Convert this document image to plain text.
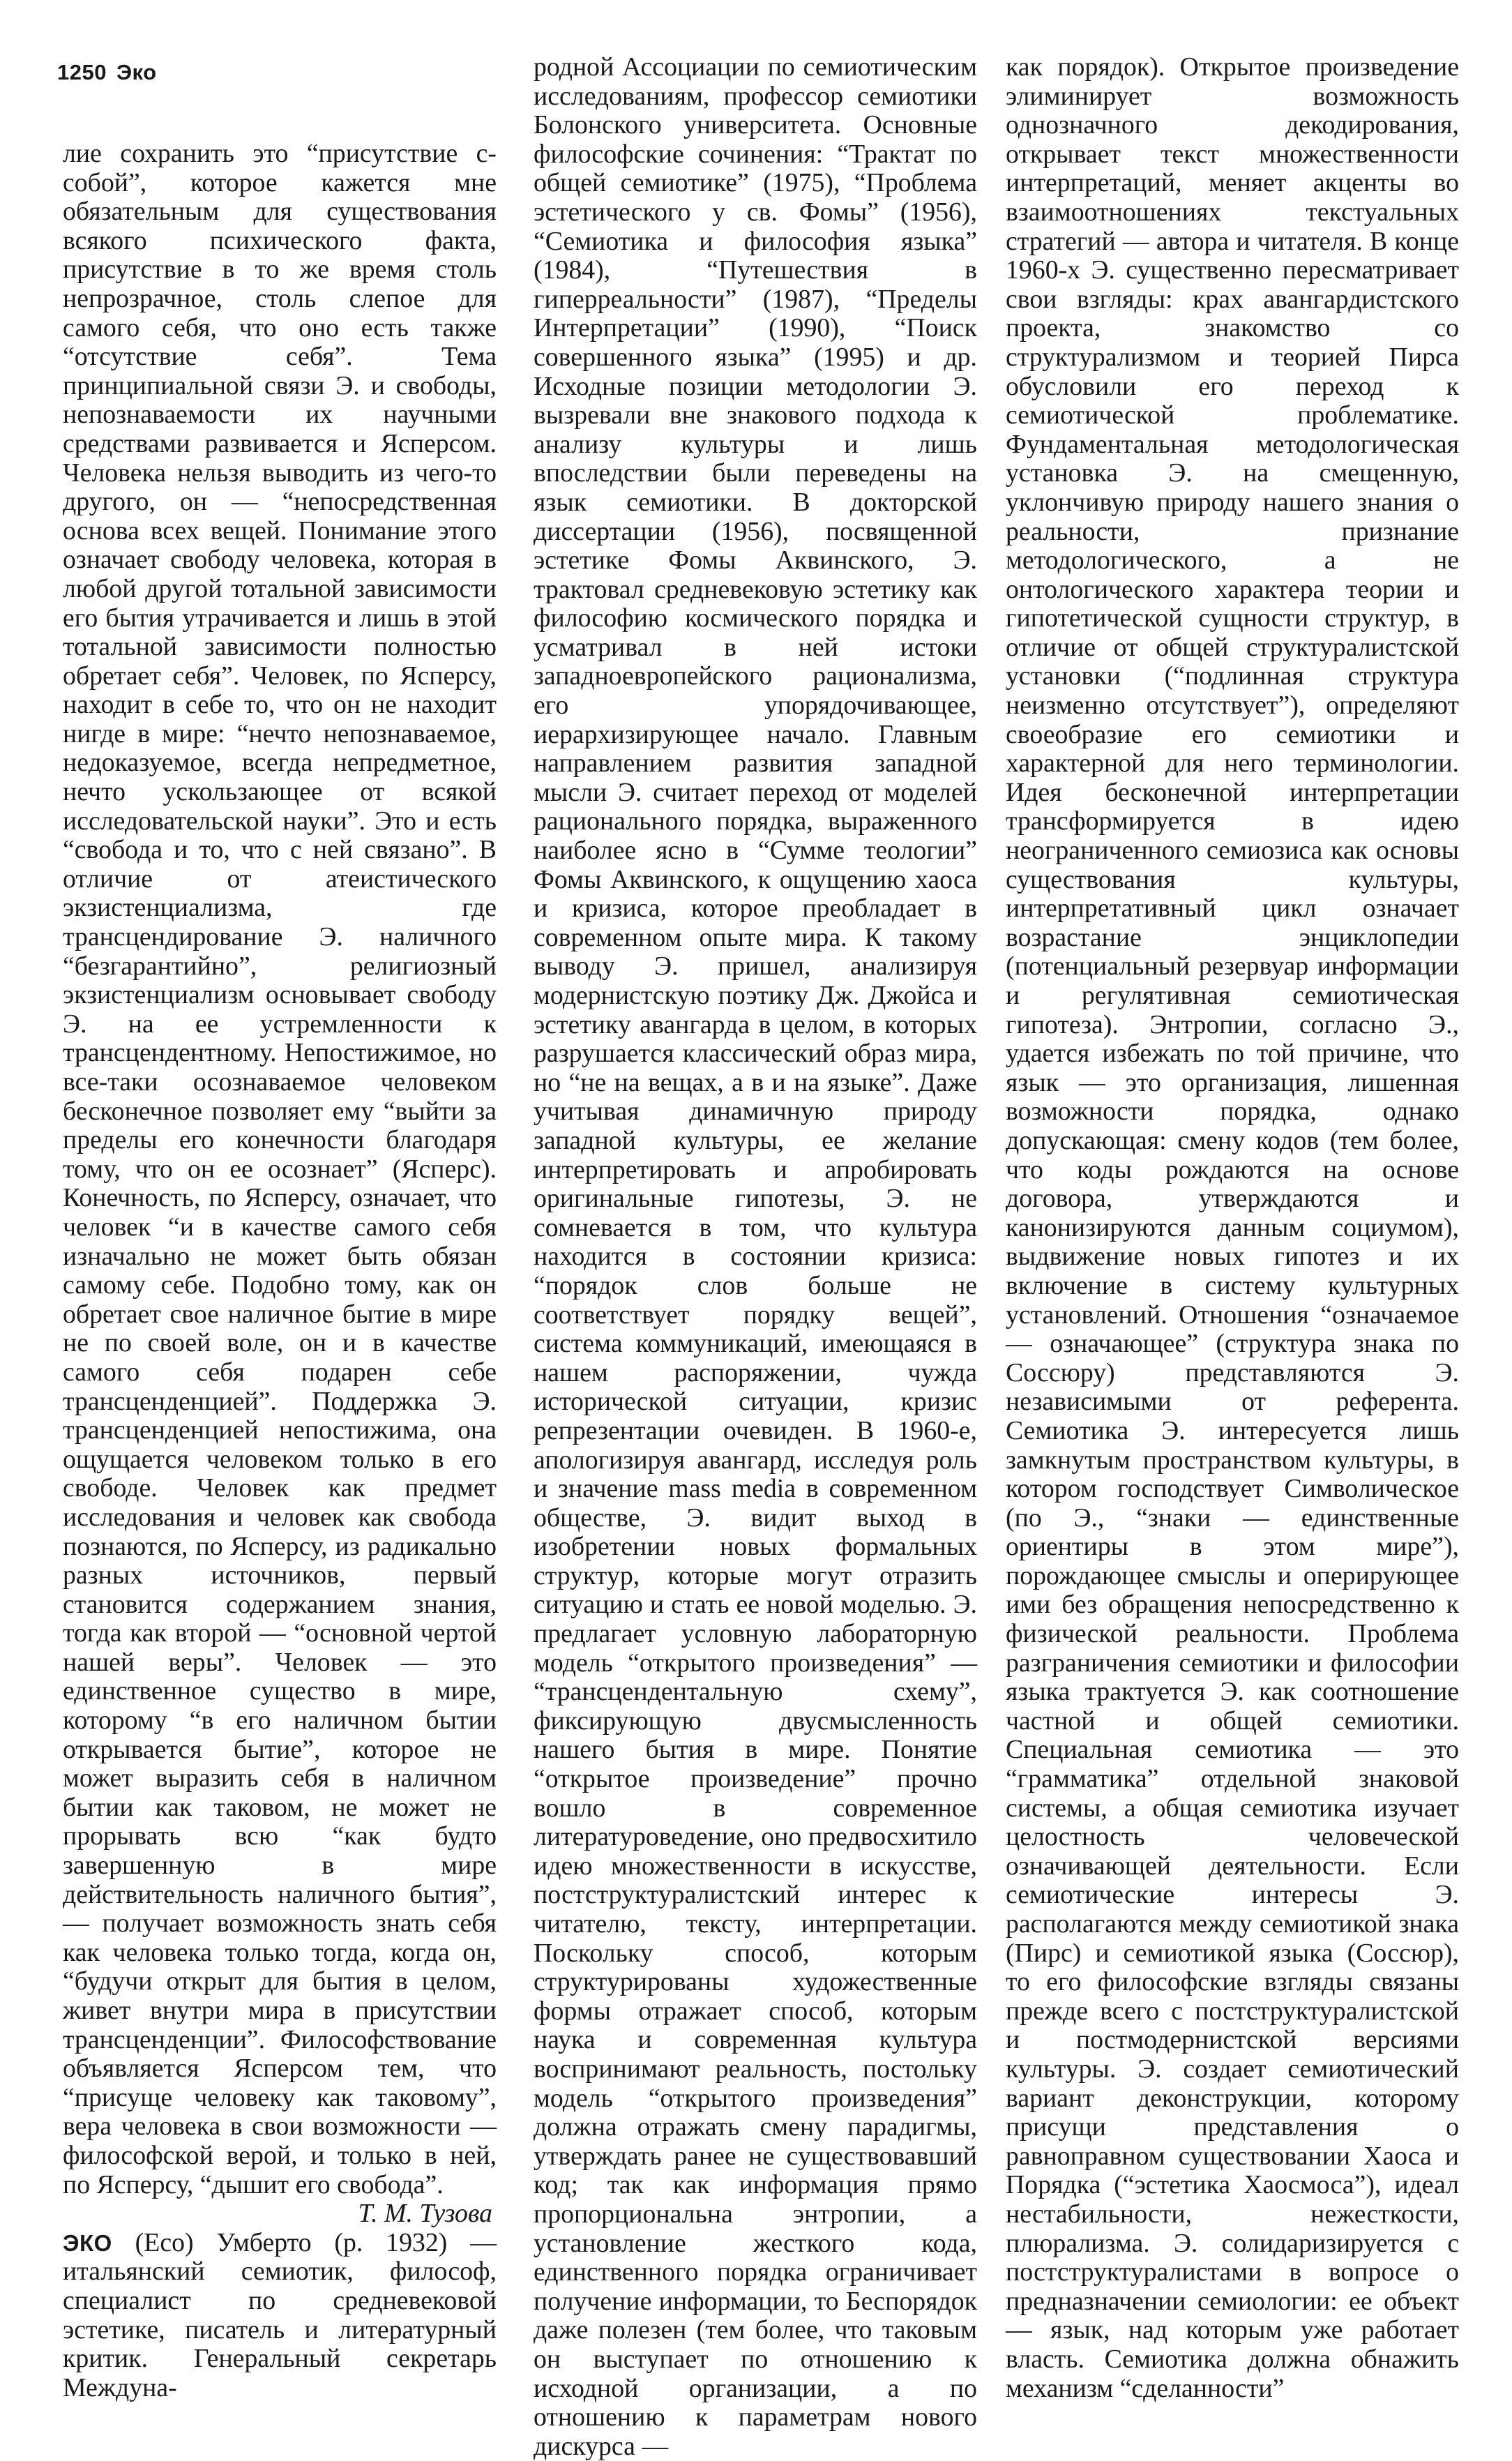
1250 Эко

лие сохранить это “присутствие с-собой”, которое кажется мне обязательным для существования всякого психического факта, присутствие в то же время столь непрозрачное, столь слепое для самого себя, что оно есть также “отсутствие себя”. Тема принципиальной связи Э. и свободы, непознаваемости их научными средствами развивается и Ясперсом. Человека нельзя выводить из чего-то другого, он — “непосредственная основа всех вещей. Понимание этого означает свободу человека, которая в любой другой тотальной зависимости его бытия утрачивается и лишь в этой тотальной зависимости полностью обретает себя”. Человек, по Ясперсу, находит в себе то, что он не находит нигде в мире: “нечто непознаваемое, недоказуемое, всегда непредметное, нечто ускользающее от всякой исследовательской науки”. Это и есть “свобода и то, что с ней связано”. В отличие от атеистического экзистенциализма, где трансцендирование Э. наличного “безгарантийно”, религиозный экзистенциализм основывает свободу Э. на ее устремленности к трансцендентному. Непостижимое, но все-таки осознаваемое человеком бесконечное позволяет ему “выйти за пределы его конечности благодаря тому, что он ее осознает” (Ясперс). Конечность, по Ясперсу, означает, что человек “и в качестве самого себя изначально не может быть обязан самому себе. Подобно тому, как он обретает свое наличное бытие в мире не по своей воле, он и в качестве самого себя подарен себе трансценденцией”. Поддержка Э. трансценденцией непостижима, она ощущается человеком только в его свободе. Человек как предмет исследования и человек как свобода познаются, по Ясперсу, из радикально разных источников, первый становится содержанием знания, тогда как второй — “основной чертой нашей веры”. Человек — это единственное существо в мире, которому “в его наличном бытии открывается бытие”, которое не может выразить себя в наличном бытии как таковом, не может не прорывать всю “как будто завершенную в мире действительность наличного бытия”, — получает возможность знать себя как человека только тогда, когда он, “будучи открыт для бытия в целом, живет внутри мира в присутствии трансценденции”. Философствование объявляется Ясперсом тем, что “присуще человеку как таковому”, вера человека в свои возможности — философской верой, и только в ней, по Ясперсу, “дышит его свобода”.

Т. М. Тузова

ЭКО (Eco) Умберто (р. 1932) — итальянский семиотик, философ, специалист по средневековой эстетике, писатель и литературный критик. Генеральный секретарь Междуна-

родной Ассоциации по семиотическим исследованиям, профессор семиотики Болонского университета. Основные философские сочинения: “Трактат по общей семиотике” (1975), “Проблема эстетического у св. Фомы” (1956), “Семиотика и философия языка” (1984), “Путешествия в гиперреальности” (1987), “Пределы Интерпретации” (1990), “Поиск совершенного языка” (1995) и др. Исходные позиции методологии Э. вызревали вне знакового подхода к анализу культуры и лишь впоследствии были переведены на язык семиотики. В докторской диссертации (1956), посвященной эстетике Фомы Аквинского, Э. трактовал средневековую эстетику как философию космического порядка и усматривал в ней истоки западноевропейского рационализма, его упорядочивающее, иерархизирующее начало. Главным направлением развития западной мысли Э. считает переход от моделей рационального порядка, выраженного наиболее ясно в “Сумме теологии” Фомы Аквинского, к ощущению хаоса и кризиса, которое преобладает в современном опыте мира. К такому выводу Э. пришел, анализируя модернистскую поэтику Дж. Джойса и эстетику авангарда в целом, в которых разрушается классический образ мира, но “не на вещах, а в и на языке”. Даже учитывая динамичную природу западной культуры, ее желание интерпретировать и апробировать оригинальные гипотезы, Э. не сомневается в том, что культура находится в состоянии кризиса: “порядок слов больше не соответствует порядку вещей”, система коммуникаций, имеющаяся в нашем распоряжении, чужда исторической ситуации, кризис репрезентации очевиден. В 1960-е, апологизируя авангард, исследуя роль и значение mass media в современном обществе, Э. видит выход в изобретении новых формальных структур, которые могут отразить ситуацию и стать ее новой моделью. Э. предлагает условную лабораторную модель “открытого произведения” — “трансцендентальную схему”, фиксирующую двусмысленность нашего бытия в мире. Понятие “открытое произведение” прочно вошло в современное литературоведение, оно предвосхитило идею множественности в искусстве, постструктуралистский интерес к читателю, тексту, интерпретации. Поскольку способ, которым структурированы художественные формы отражает способ, которым наука и современная культура воспринимают реальность, постольку модель “открытого произведения” должна отражать смену парадигмы, утверждать ранее не существовавший код; так как информация прямо пропорциональна энтропии, а установление жесткого кода, единственного порядка ограничивает получение информации, то Беспорядок даже полезен (тем более, что таковым он выступает по отношению к исходной организации, а по отношению к параметрам нового дискурса —

как порядок). Открытое произведение элиминирует возможность однозначного декодирования, открывает текст множественности интерпретаций, меняет акценты во взаимоотношениях текстуальных стратегий — автора и читателя. В конце 1960-х Э. существенно пересматривает свои взгляды: крах авангардистского проекта, знакомство со структурализмом и теорией Пирса обусловили его переход к семиотической проблематике. Фундаментальная методологическая установка Э. на смещенную, уклончивую природу нашего знания о реальности, признание методологического, а не онтологического характера теории и гипотетической сущности структур, в отличие от общей структуралистской установки (“подлинная структура неизменно отсутствует”), определяют своеобразие его семиотики и характерной для него терминологии. Идея бесконечной интерпретации трансформируется в идею неограниченного семиозиса как основы существования культуры, интерпретативный цикл означает возрастание энциклопедии (потенциальный резервуар информации и регулятивная семиотическая гипотеза). Энтропии, согласно Э., удается избежать по той причине, что язык — это организация, лишенная возможности порядка, однако допускающая: смену кодов (тем более, что коды рождаются на основе договора, утверждаются и канонизируются данным социумом), выдвижение новых гипотез и их включение в систему культурных установлений. Отношения “означаемое — означающее” (структура знака по Соссюру) представляются Э. независимыми от референта. Семиотика Э. интересуется лишь замкнутым пространством культуры, в котором господствует Символическое (по Э., “знаки — единственные ориентиры в этом мире”), порождающее смыслы и оперирующее ими без обращения непосредственно к физической реальности. Проблема разграничения семиотики и философии языка трактуется Э. как соотношение частной и общей семиотики. Специальная семиотика — это “грамматика” отдельной знаковой системы, а общая семиотика изучает целостность человеческой означивающей деятельности. Если семиотические интересы Э. располагаются между семиотикой знака (Пирс) и семиотикой языка (Соссюр), то его философские взгляды связаны прежде всего с постструктуралистской и постмодернистской версиями культуры. Э. создает семиотический вариант деконструкции, которому присущи представления о равноправном существовании Хаоса и Порядка (“эстетика Хаосмоса”), идеал нестабильности, нежесткости, плюрализма. Э. солидаризируется с постструктуралистами в вопросе о предназначении семиологии: ее объект — язык, над которым уже работает власть. Семиотика должна обнажить механизм “сделанности”
